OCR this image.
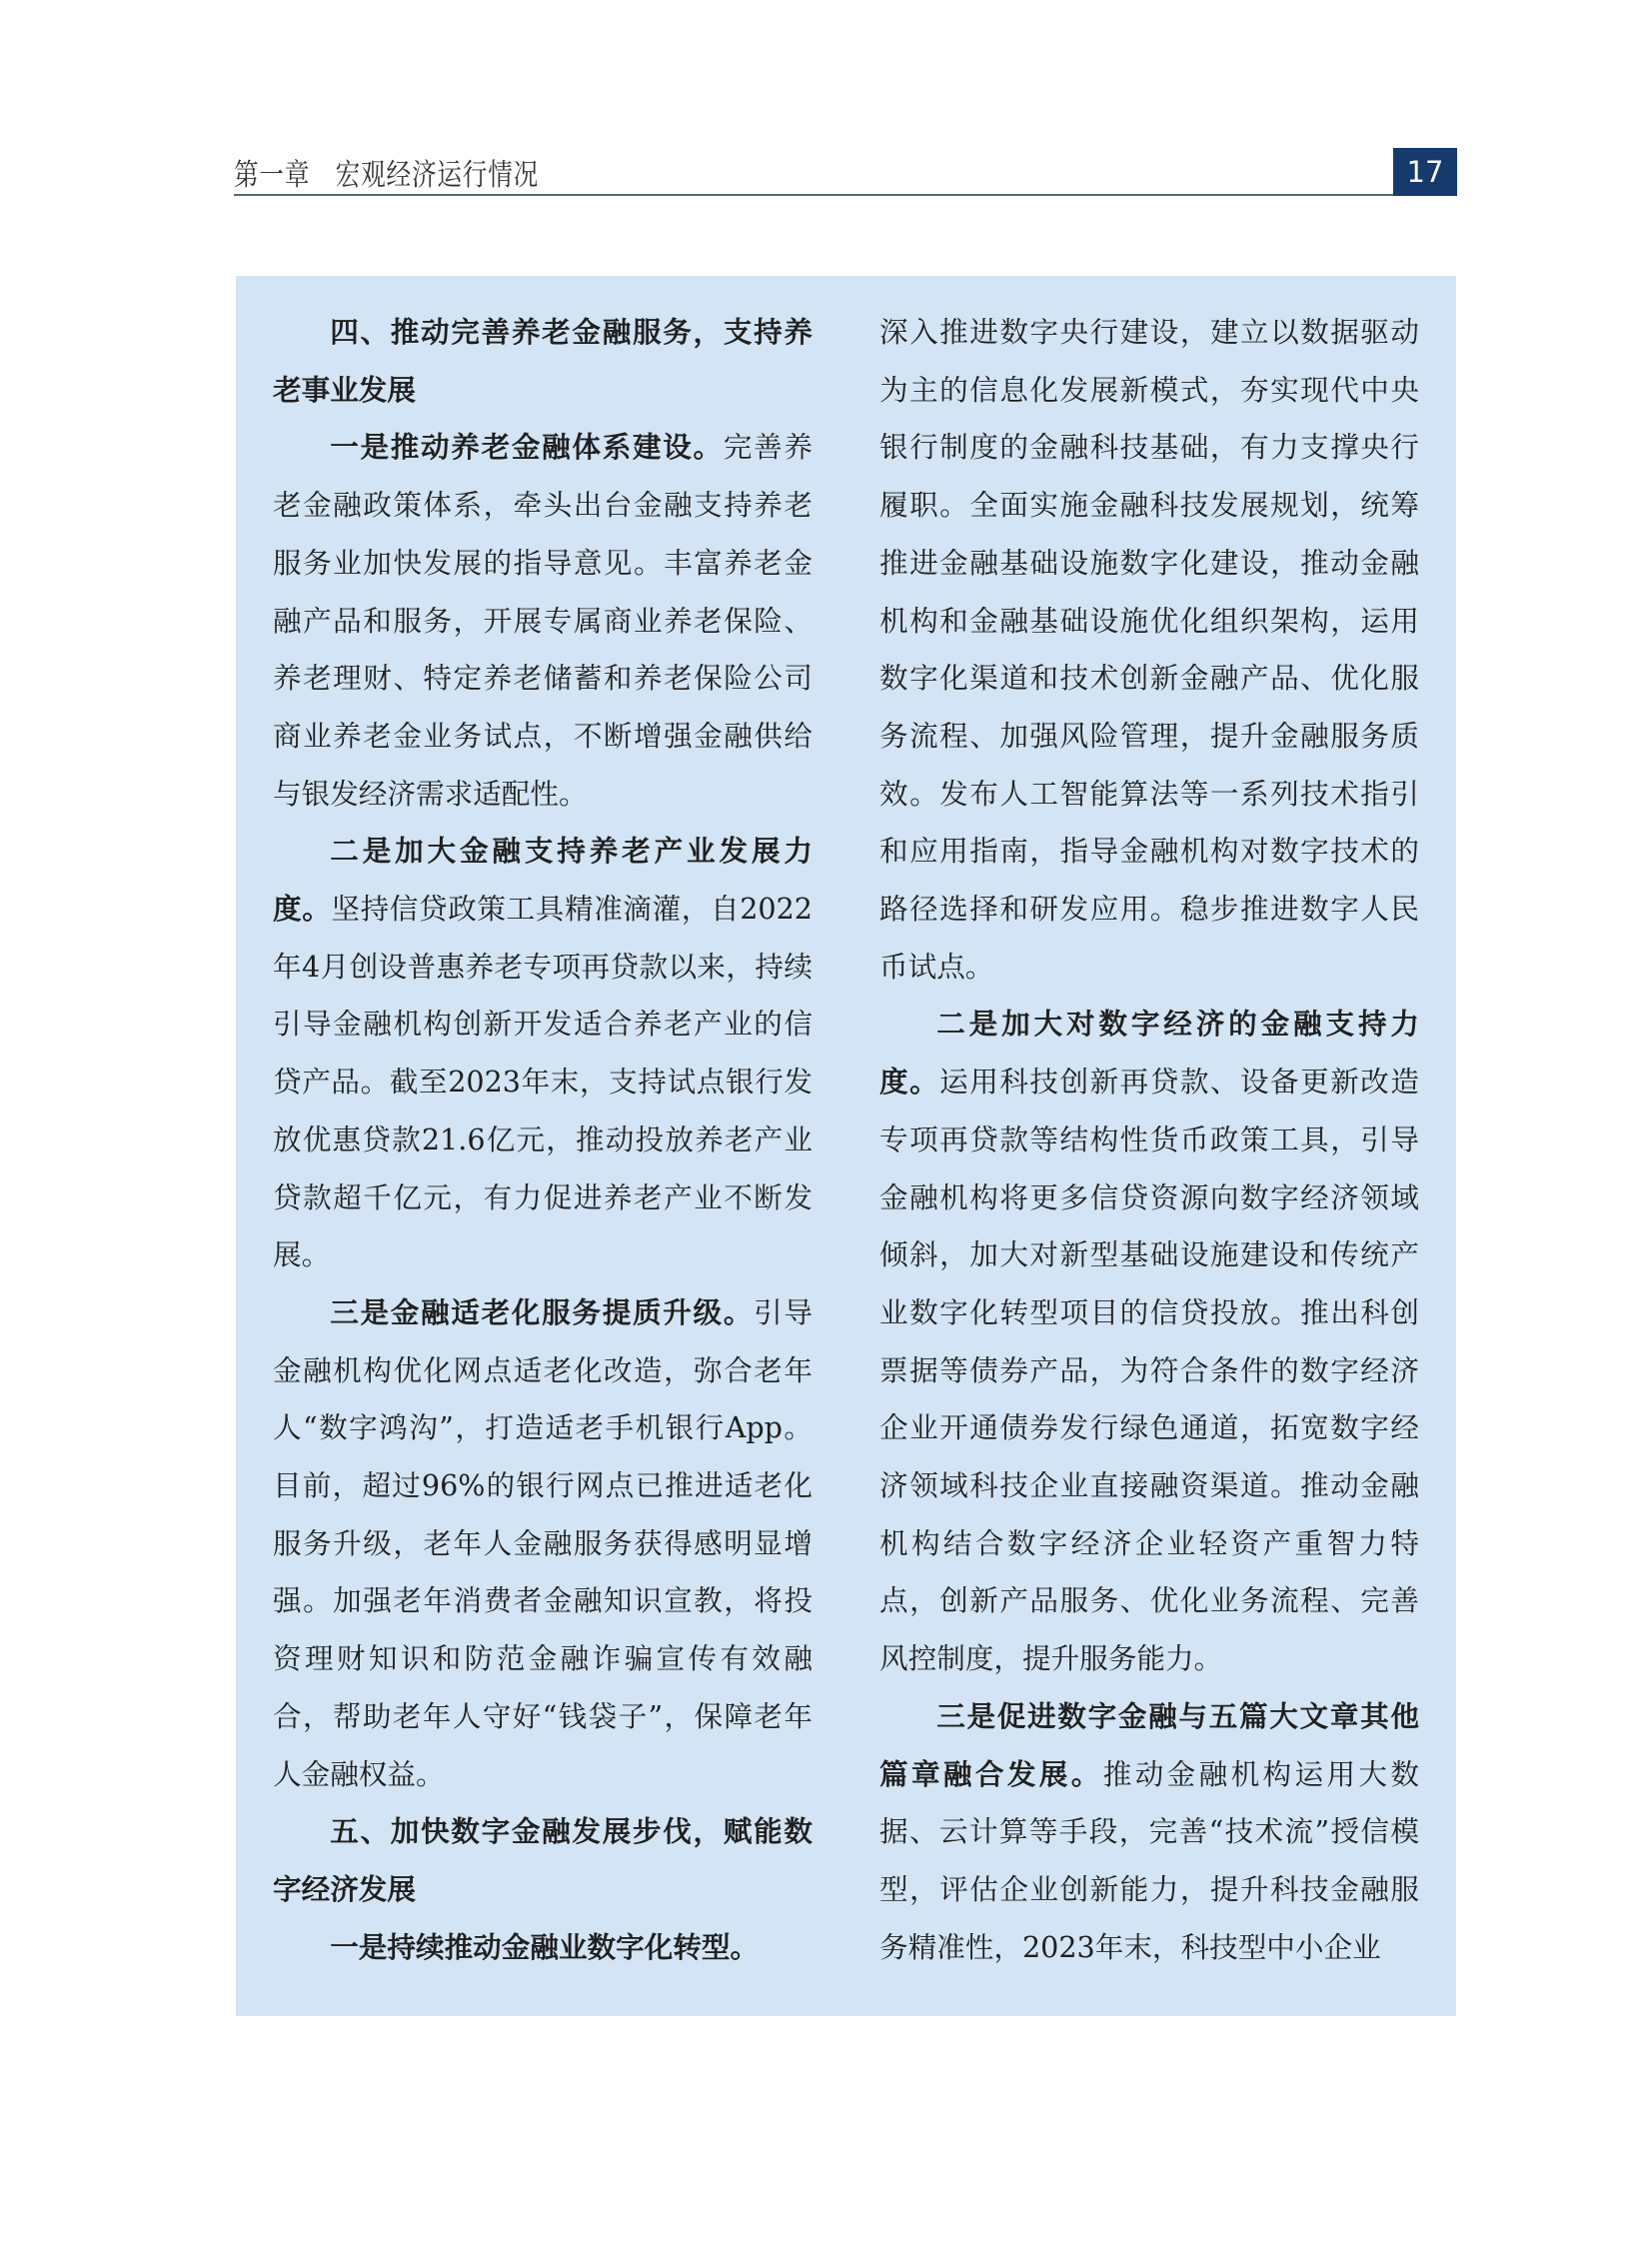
第一章　宏观经济运行情况	17

四、推动完善养老金融服务，支持养老事业发展

一是推动养老金融体系建设。完善养老金融政策体系，牵头出台金融支持养老服务业加快发展的指导意见。丰富养老金融产品和服务，开展专属商业养老保险、养老理财、特定养老储蓄和养老保险公司商业养老金业务试点，不断增强金融供给与银发经济需求适配性。

二是加大金融支持养老产业发展力度。坚持信贷政策工具精准滴灌，自2022年4月创设普惠养老专项再贷款以来，持续引导金融机构创新开发适合养老产业的信贷产品。截至2023年末，支持试点银行发放优惠贷款21.6亿元，推动投放养老产业贷款超千亿元，有力促进养老产业不断发展。

三是金融适老化服务提质升级。引导金融机构优化网点适老化改造，弥合老年人“数字鸿沟”，打造适老手机银行App。目前，超过96%的银行网点已推进适老化服务升级，老年人金融服务获得感明显增强。加强老年消费者金融知识宣教，将投资理财知识和防范金融诈骗宣传有效融合，帮助老年人守好“钱袋子”，保障老年人金融权益。

五、加快数字金融发展步伐，赋能数字经济发展

一是持续推动金融业数字化转型。

深入推进数字央行建设，建立以数据驱动为主的信息化发展新模式，夯实现代中央银行制度的金融科技基础，有力支撑央行履职。全面实施金融科技发展规划，统筹推进金融基础设施数字化建设，推动金融机构和金融基础设施优化组织架构，运用数字化渠道和技术创新金融产品、优化服务流程、加强风险管理，提升金融服务质效。发布人工智能算法等一系列技术指引和应用指南，指导金融机构对数字技术的路径选择和研发应用。稳步推进数字人民币试点。

二是加大对数字经济的金融支持力度。运用科技创新再贷款、设备更新改造专项再贷款等结构性货币政策工具，引导金融机构将更多信贷资源向数字经济领域倾斜，加大对新型基础设施建设和传统产业数字化转型项目的信贷投放。推出科创票据等债券产品，为符合条件的数字经济企业开通债券发行绿色通道，拓宽数字经济领域科技企业直接融资渠道。推动金融机构结合数字经济企业轻资产重智力特点，创新产品服务、优化业务流程、完善风控制度，提升服务能力。

三是促进数字金融与五篇大文章其他篇章融合发展。推动金融机构运用大数据、云计算等手段，完善“技术流”授信模型，评估企业创新能力，提升科技金融服务精准性，2023年末，科技型中小企业
